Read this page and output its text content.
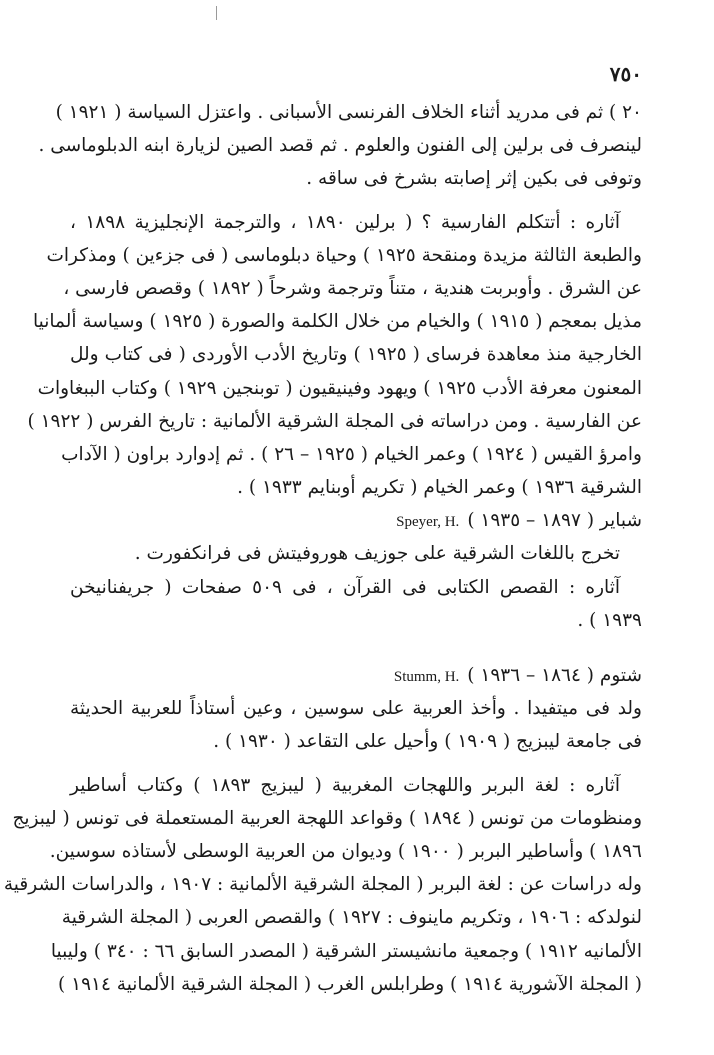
٧٥٠
٢٠ ) ثم فى مدريد أثناء الخلاف الفرنسى الأسبانى . واعتزل السياسة ( ١٩٢١ )
لينصرف فى برلين إلى الفنون والعلوم . ثم قصد الصين لزيارة ابنه الدبلوماسى .
وتوفى فى بكين إثر إصابته بشرخ فى ساقه .
آثاره : أتتكلم الفارسية ؟ ( برلين ١٨٩٠ ، والترجمة الإنجليزية ١٨٩٨ ،
والطبعة الثالثة مزيدة ومنقحة ١٩٢٥ ) وحياة دبلوماسى ( فى جزءين ) ومذكرات
عن الشرق . وأوبربت هندية ، متناً وترجمة وشرحاً ( ١٨٩٢ ) وقصص فارسى ،
مذيل بمعجم ( ١٩١٥ ) والخيام من خلال الكلمة والصورة ( ١٩٢٥ ) وسياسة ألمانيا
الخارجية منذ معاهدة فرساى ( ١٩٢٥ ) وتاريخ الأدب الأوردى ( فى كتاب ولل
المعنون معرفة الأدب ١٩٢٥ ) ويهود وفينيقيون ( توبنجين ١٩٢٩ ) وكتاب الببغاوات
عن الفارسية . ومن دراساته فى المجلة الشرقية الألمانية : تاريخ الفرس ( ١٩٢٢ )
وامرؤ القيس ( ١٩٢٤ ) وعمر الخيام ( ١٩٢٥ – ٢٦ ) . ثم إدوارد براون ( الآداب
الشرقية ١٩٣٦ ) وعمر الخيام ( تكريم أوبنايم ١٩٣٣ ) .
شباير ( ١٨٩٧ – ١٩٣٥ )
Speyer, H.
تخرج باللغات الشرقية على جوزيف هوروفيتش فى فرانكفورت .
آثاره : القصص الكتابى فى القرآن ، فى ٥٠٩ صفحات ( جريفنانيخن
١٩٣٩ ) .
شتوم ( ١٨٦٤ – ١٩٣٦ )
Stumm, H.
ولد فى ميتفيدا . وأخذ العربية على سوسين ، وعين أستاذاً للعربية الحديثة
فى جامعة ليبزيج ( ١٩٠٩ ) وأحيل على التقاعد ( ١٩٣٠ ) .
آثاره : لغة البربر واللهجات المغربية ( ليبزيج ١٨٩٣ ) وكتاب أساطير
ومنظومات من تونس ( ١٨٩٤ ) وقواعد اللهجة العربية المستعملة فى تونس ( ليبزيج
١٨٩٦ ) وأساطير البربر ( ١٩٠٠ ) وديوان من العربية الوسطى لأستاذه سوسين.
وله دراسات عن : لغة البربر ( المجلة الشرقية الألمانية : ١٩٠٧ ، والدراسات الشرقية
لنولدكه : ١٩٠٦ ، وتكريم ماينوف : ١٩٢٧ ) والقصص العربى ( المجلة الشرقية
الألمانيه ١٩١٢ ) وجمعية مانشيستر الشرقية ( المصدر السابق ٦٦ : ٣٤٠ ) وليبيا
( المجلة الآشورية ١٩١٤ ) وطرابلس الغرب ( المجلة الشرقية الألمانية ١٩١٤ )
